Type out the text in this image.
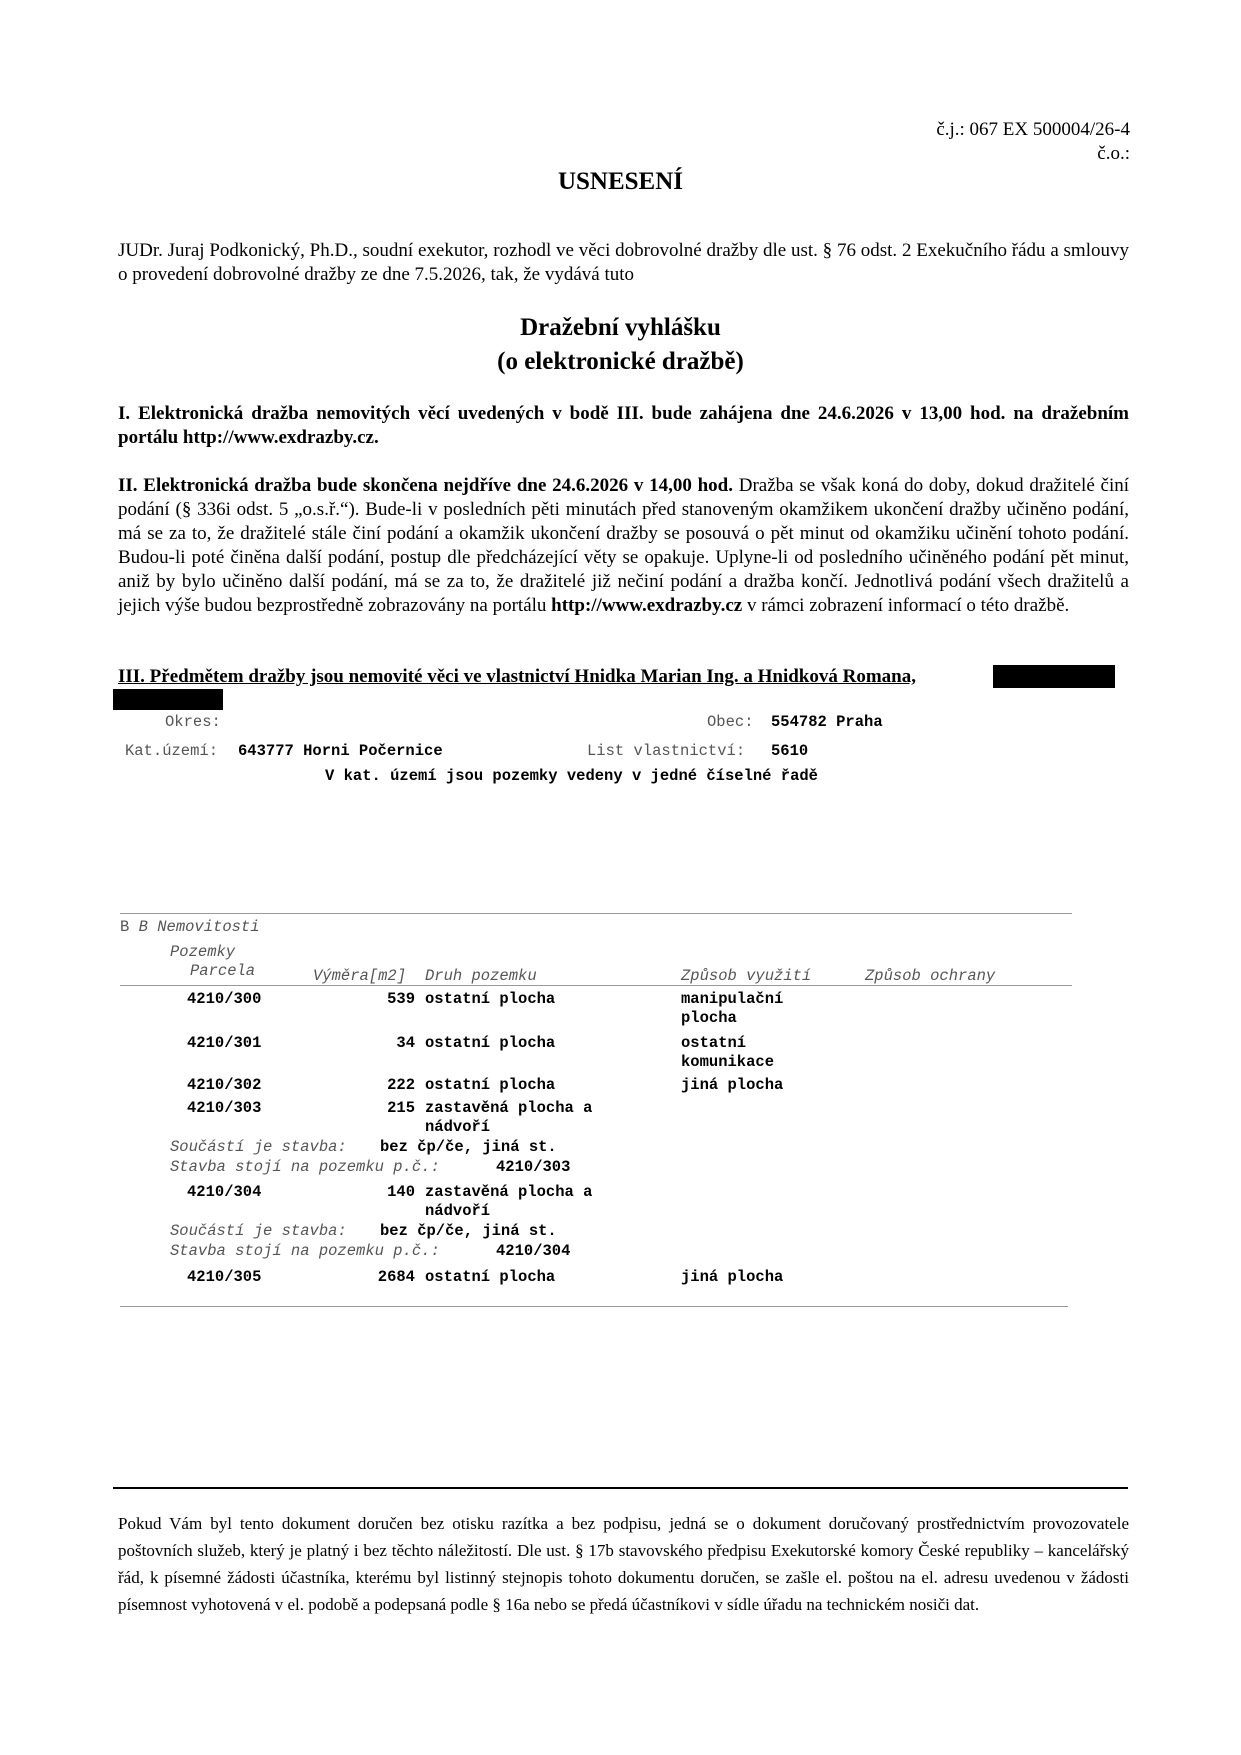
č.j.: 067 EX 500004/26-4
č.o.:
USNESENÍ
JUDr. Juraj Podkonický, Ph.D., soudní exekutor, rozhodl ve věci dobrovolné dražby dle ust. § 76 odst. 2 Exekučního řádu a smlouvy o provedení dobrovolné dražby ze dne 7.5.2026, tak, že vydává tuto
Dražební vyhlášku
(o elektronické dražbě)
I. Elektronická dražba nemovitých věcí uvedených v bodě III. bude zahájena dne 24.6.2026 v 13,00 hod. na dražebním portálu http://www.exdrazby.cz.
II. Elektronická dražba bude skončena nejdříve dne 24.6.2026 v 14,00 hod. Dražba se však koná do doby, dokud dražitelé činí podání (§ 336i odst. 5 „o.s.ř.“). Bude-li v posledních pěti minutách před stanoveným okamžikem ukončení dražby učiněno podání, má se za to, že dražitelé stále činí podání a okamžik ukončení dražby se posouvá o pět minut od okamžiku učinění tohoto podání. Budou-li poté činěna další podání, postup dle předcházející věty se opakuje. Uplyne-li od posledního učiněného podání pět minut, aniž by bylo učiněno další podání, má se za to, že dražitelé již nečiní podání a dražba končí. Jednotlivá podání všech dražitelů a jejich výše budou bezprostředně zobrazovány na portálu http://www.exdrazby.cz v rámci zobrazení informací o této dražbě.
III. Předmětem dražby jsou nemovité věci ve vlastnictví Hnidka Marian Ing. a Hnidková Romana,
Okres:	Obec: 554782 Praha
Kat.území: 643777 Horni Počernice	List vlastnictví: 5610
V kat. území jsou pozemky vedeny v jedné číselné řadě
B B Nemovitosti
Pozemky
Parcela	Výměra[m2] Druh pozemku	Způsob využití	Způsob ochrany
4210/300	539 ostatní plocha	manipulační
plocha
4210/301	34 ostatní plocha	ostatní
komunikace
4210/302	222 ostatní plocha	jiná plocha
4210/303	215 zastavěná plocha a
nádvoří
Součástí je stavba: bez čp/če, jiná st.
Stavba stojí na pozemku p.č.:	4210/303
4210/304	140 zastavěná plocha a
nádvoří
Součástí je stavba: bez čp/če, jiná st.
Stavba stojí na pozemku p.č.:	4210/304
4210/305	2684 ostatní plocha	jiná plocha
Pokud Vám byl tento dokument doručen bez otisku razítka a bez podpisu, jedná se o dokument doručovaný prostřednictvím provozovatele poštovních služeb, který je platný i bez těchto náležitostí. Dle ust. § 17b stavovského předpisu Exekutorské komory České republiky – kancelářský řád, k písemné žádosti účastníka, kterému byl listinný stejnopis tohoto dokumentu doručen, se zašle el. poštou na el. adresu uvedenou v žádosti písemnost vyhotovená v el. podobě a podepsaná podle § 16a nebo se předá účastníkovi v sídle úřadu na technickém nosiči dat.
